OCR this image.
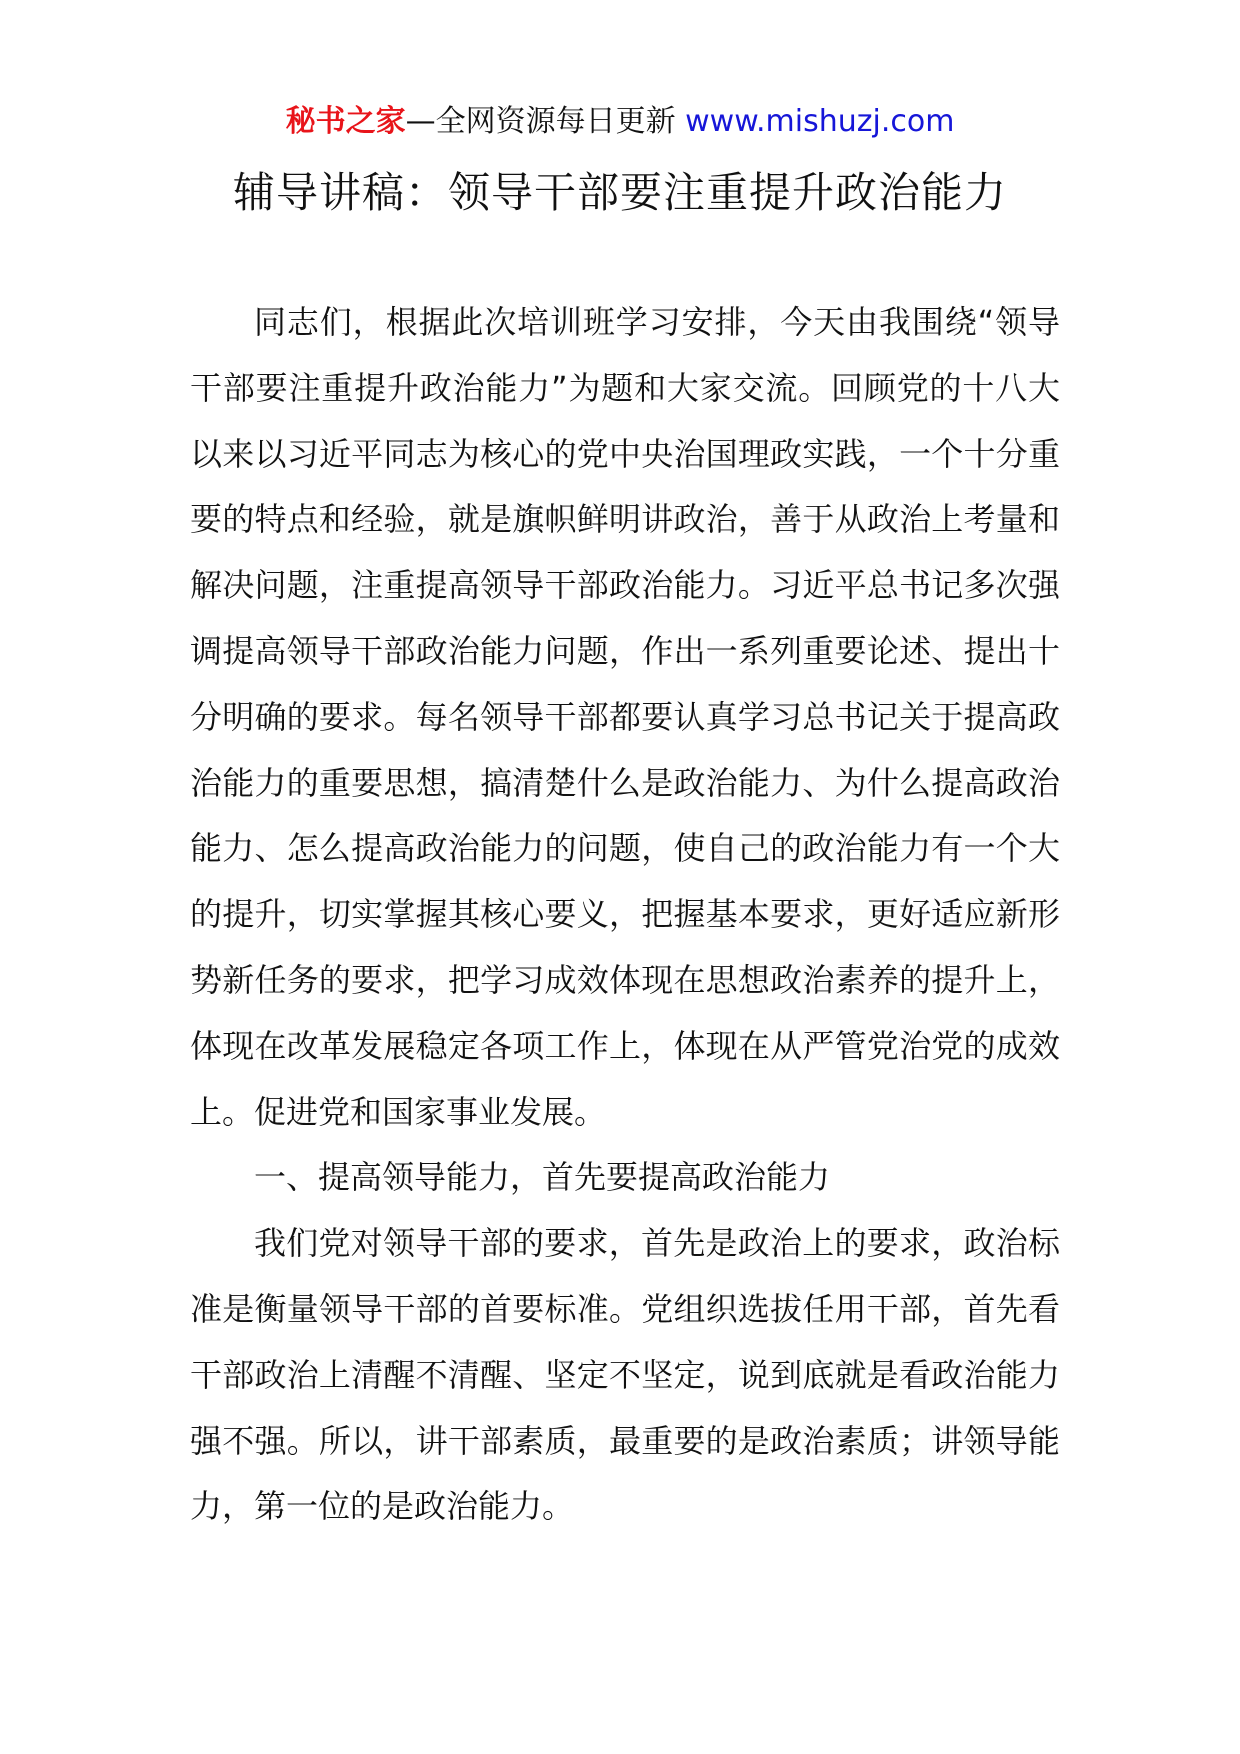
秘书之家—全网资源每日更新 www.mishuzj.com
辅导讲稿：领导干部要注重提升政治能力

同志们，根据此次培训班学习安排，今天由我围绕“领导干部要注重提升政治能力”为题和大家交流。回顾党的十八大以来以习近平同志为核心的党中央治国理政实践，一个十分重要的特点和经验，就是旗帜鲜明讲政治，善于从政治上考量和解决问题，注重提高领导干部政治能力。习近平总书记多次强调提高领导干部政治能力问题，作出一系列重要论述、提出十分明确的要求。每名领导干部都要认真学习总书记关于提高政治能力的重要思想，搞清楚什么是政治能力、为什么提高政治能力、怎么提高政治能力的问题，使自己的政治能力有一个大的提升，切实掌握其核心要义，把握基本要求，更好适应新形势新任务的要求，把学习成效体现在思想政治素养的提升上，体现在改革发展稳定各项工作上，体现在从严管党治党的成效上。促进党和国家事业发展。

一、提高领导能力，首先要提高政治能力

我们党对领导干部的要求，首先是政治上的要求，政治标准是衡量领导干部的首要标准。党组织选拔任用干部，首先看干部政治上清醒不清醒、坚定不坚定，说到底就是看政治能力强不强。所以，讲干部素质，最重要的是政治素质；讲领导能力，第一位的是政治能力。
